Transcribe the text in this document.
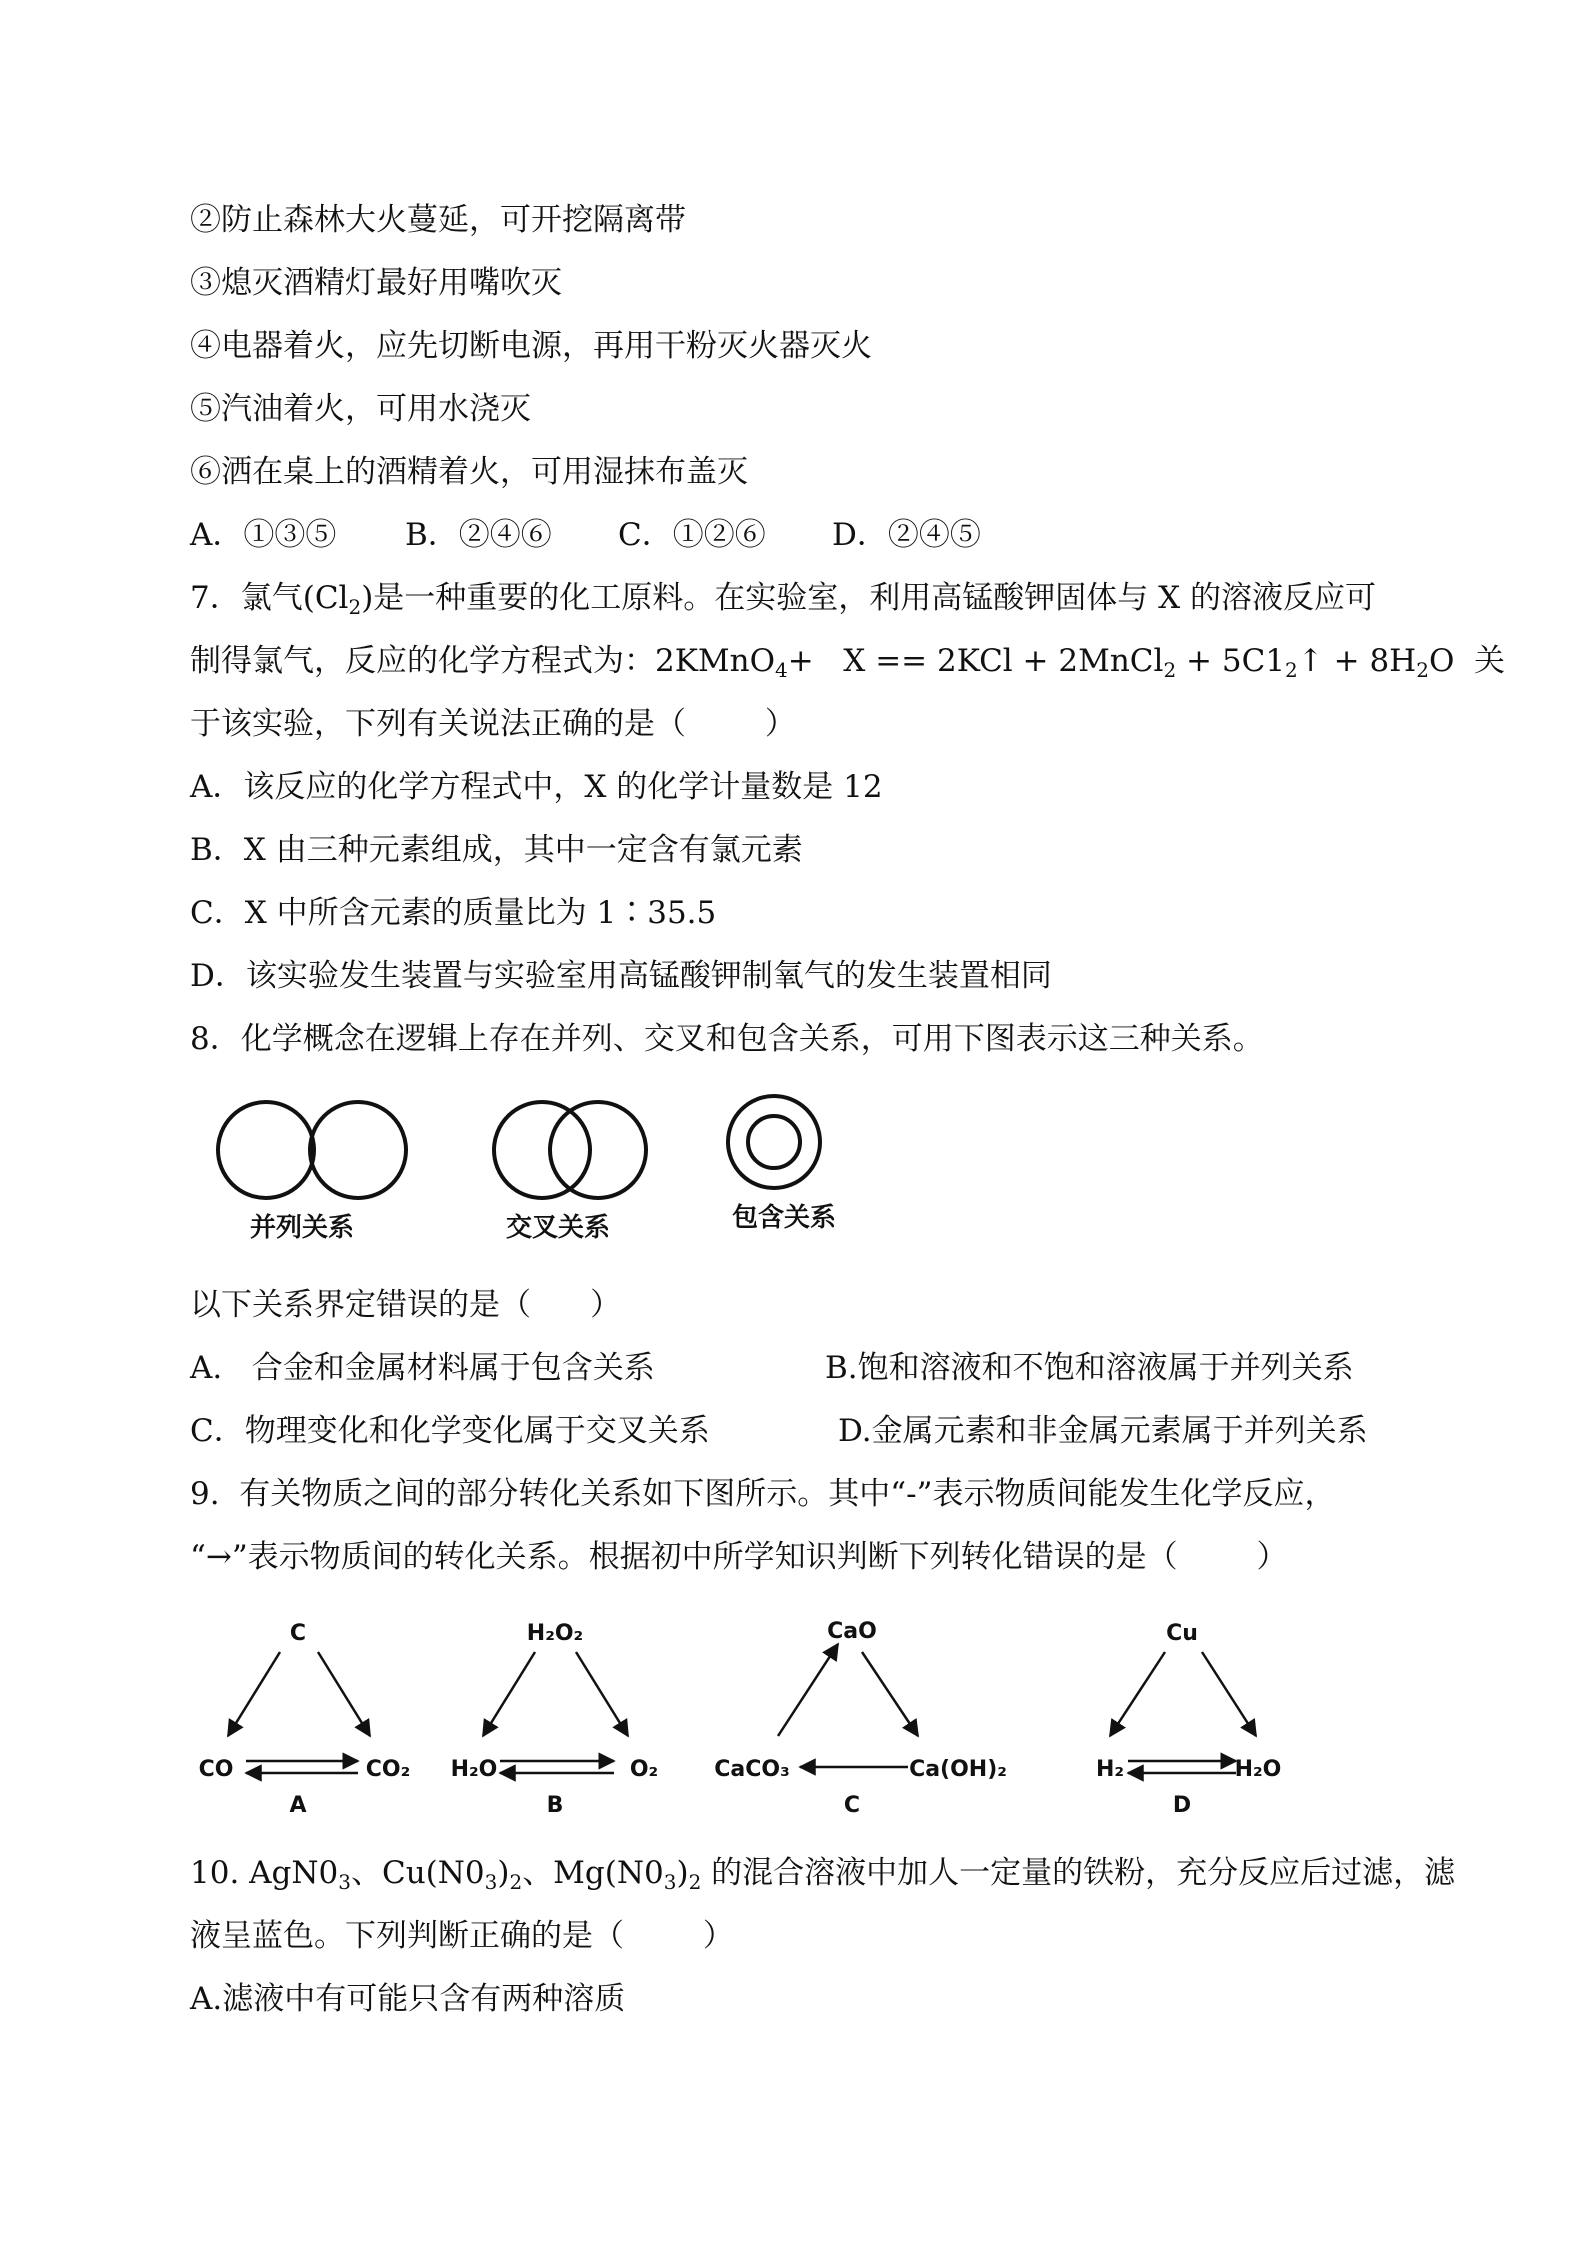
②防止森林大火蔓延，可开挖隔离带
③熄灭酒精灯最好用嘴吹灭
④电器着火，应先切断电源，再用干粉灭火器灭火
⑤汽油着火，可用水浇灭
⑥洒在桌上的酒精着火，可用湿抹布盖灭
A．①③⑤ B．②④⑥ C．①②⑥ D．②④⑤
7．氯气$(Cl_2)$是一种重要的化工原料。在实验室，利用高锰酸钾固体与 X 的溶液反应可
制得氯气，反应的化学方程式为：2KMnO$_4$+   X == 2KCl + 2MnCl$_2$ + $5C1_2↑ + 8H_2O$  关
于该实验，下列有关说法正确的是（        ）
A．该反应的化学方程式中，X 的化学计量数是 12
B．X 由三种元素组成，其中一定含有氯元素
C．X 中所含元素的质量比为 1∶35.5
D．该实验发生装置与实验室用高锰酸钾制氧气的发生装置相同
8．化学概念在逻辑上存在并列、交叉和包含关系，可用下图表示这三种关系。
并列关系	交叉关系	包含关系
以下关系界定错误的是（      ）
A.   合金和金属材料属于包含关系	B.饱和溶液和不饱和溶液属于并列关系
C．物理变化和化学变化属于交叉关系	D.金属元素和非金属元素属于并列关系
9.  有关物质之间的部分转化关系如下图所示。其中“-”表示物质间能发生化学反应，
“→”表示物质间的转化关系。根据初中所学知识判断下列转化错误的是（        ）
C
CO	CO₂
A
H₂O₂
H₂O	O₂
B
CaO
CaCO₃	Ca(OH)₂
C
Cu
H₂	H₂O
D
10. $AgN0_3$、$Cu(N0_3)_2$、$Mg(N0_3)_2$ 的混合溶液中加人一定量的铁粉，充分反应后过滤，滤
液呈蓝色。下列判断正确的是（        ）
A.滤液中有可能只含有两种溶质
